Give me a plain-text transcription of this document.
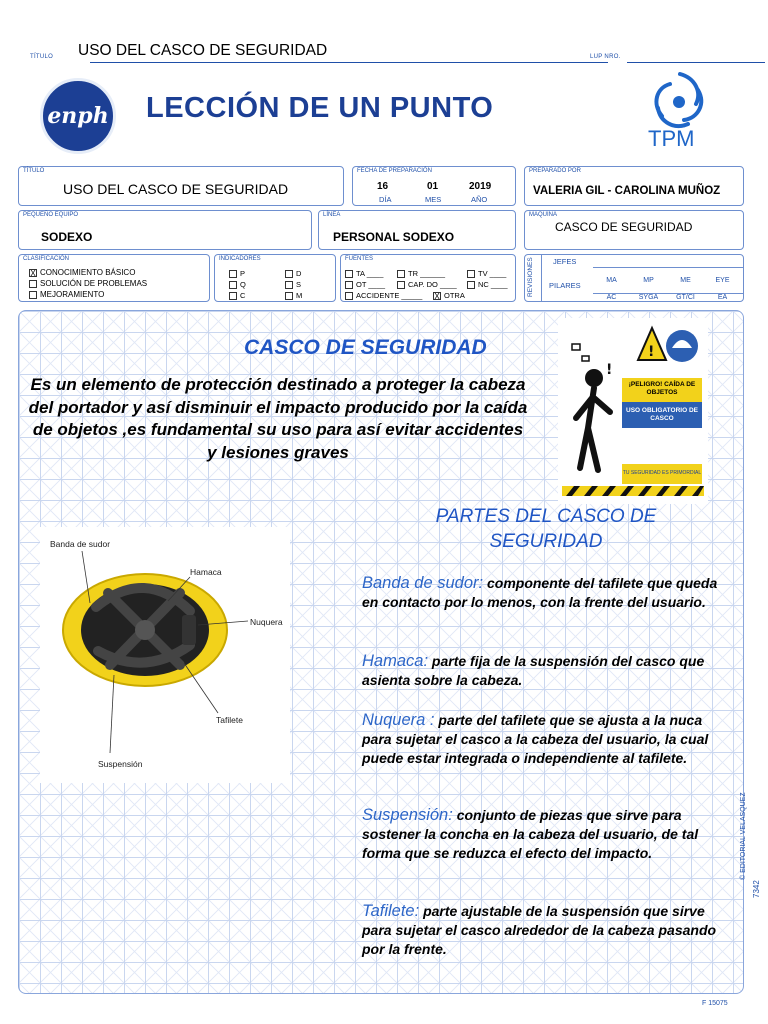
TÍTULO USO DEL CASCO DE SEGURIDAD	LUP NRO.
enph LECCIÓN DE UN PUNTO
TPM
TÍTULO
USO DEL CASCO DE SEGURIDAD
FECHA DE PREPARACIÓN
16	01	2019
DÍA	MES	AÑO
PREPARADO POR
VALERIA GIL - CAROLINA MUÑOZ
PEQUEÑO EQUIPO
SODEXO
LÍNEA
PERSONAL SODEXO
MAQUINA
CASCO DE SEGURIDAD
CLASIFICACIÓN
X CONOCIMIENTO BÁSICO
SOLUCIÓN DE PROBLEMAS
MEJORAMIENTO
INDICADORES
P	D
Q	S
C	M
FUENTES
TA ____	TR ______	TV ____
OT ____	CAP. DO ____	NC ____
ACCIDENTE _____	X OTRA	REVISIONES	JEFES
PILARES
MA	MP	ME	EYE
AC	SYGA	GT/CI	EA
CASCO DE SEGURIDAD
Es un elemento de protección destinado a proteger la cabeza del portador y así disminuir el impacto producido por la caída de objetos ,es fundamental su uso para así evitar accidentes y lesiones graves
!
!
¡PELIGRO! CAÍDA DE OBJETOS
USO OBLIGATORIO DE CASCO
TU SEGURIDAD ES PRIMORDIAL
PARTES DEL CASCO DE SEGURIDAD
Banda de sudor
Hamaca
Nuquera
Tafilete
Suspensión
Banda de sudor: componente del tafilete que queda en contacto por lo menos, con la frente del usuario.
Hamaca: parte fija de la suspensión del casco que asienta sobre la cabeza.
Nuquera : parte del tafilete que se ajusta a la nuca para sujetar el casco a la cabeza del usuario, la cual puede estar integrada o independiente al tafilete.
Suspensión: conjunto de piezas que sirve para sostener la concha en la cabeza del usuario, de tal forma que se reduzca el efecto del impacto.
Tafilete: parte ajustable de la suspensión que sirve para sujetar el casco alrededor de la cabeza pasando por la frente.
© EDITORIAL VELASQUEZ
7342
F 15075
